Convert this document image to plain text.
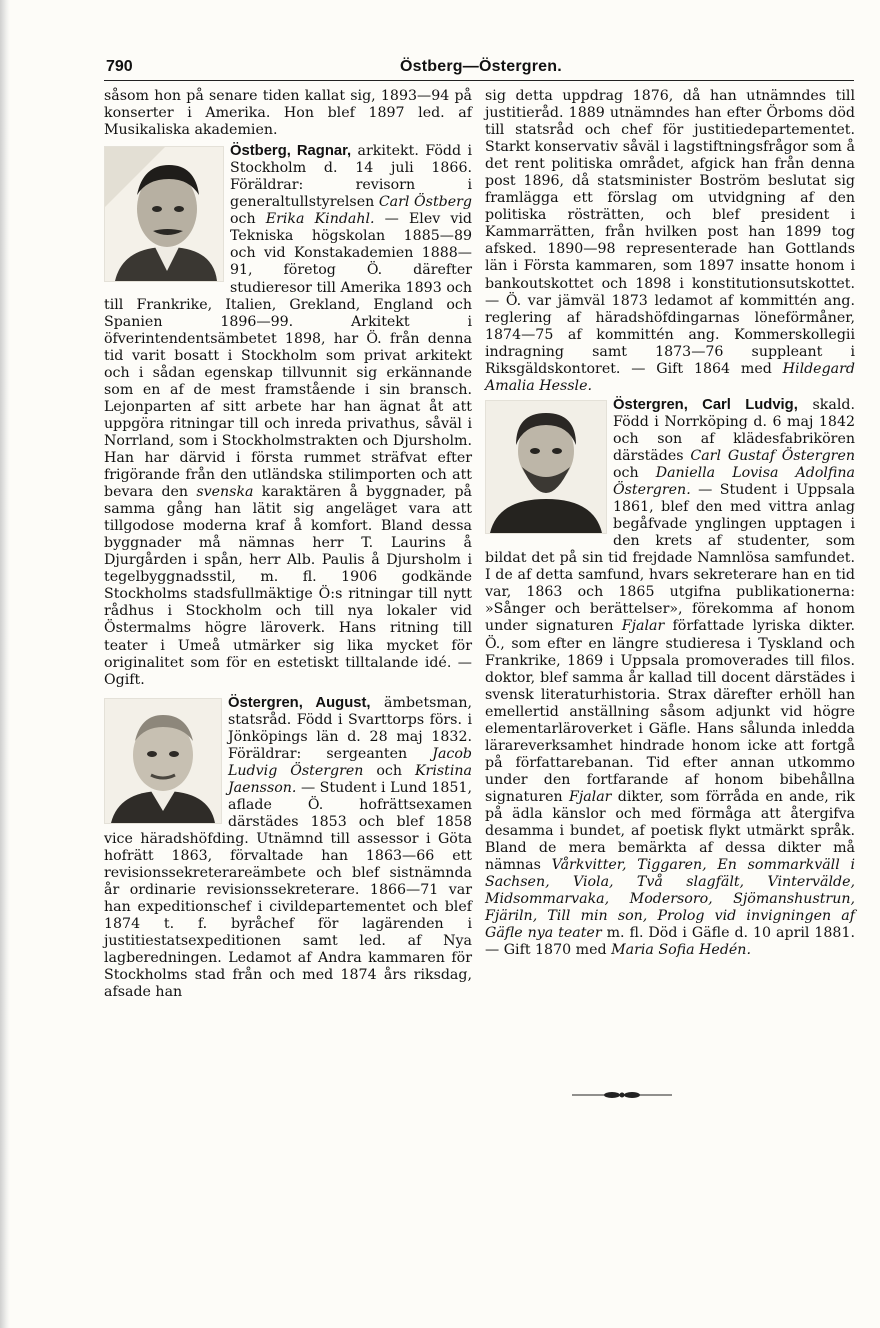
790	Östberg—Östergren.

såsom hon på senare tiden kallat sig, 1893—94 på konserter i Amerika. Hon blef 1897 led. af Musikaliska akademien.

Östberg, Ragnar, arkitekt. Född i Stockholm d. 14 juli 1866. Föräldrar: revisorn i generaltullstyrelsen Carl Östberg och Erika Kindahl. — Elev vid Tekniska högskolan 1885—89 och vid Konstakademien 1888—91, företog Ö. därefter studieresor till Amerika 1893 och till Frankrike, Italien, Grekland, England och Spanien 1896—99. Arkitekt i öfverintendentsämbetet 1898, har Ö. från denna tid varit bosatt i Stockholm som privat arkitekt och i sådan egenskap tillvunnit sig erkännande som en af de mest framstående i sin bransch. Lejonparten af sitt arbete har han ägnat åt att uppgöra ritningar till och inreda privathus, såväl i Norrland, som i Stockholmstrakten och Djursholm. Han har därvid i första rummet sträfvat efter frigörande från den utländska stilimporten och att bevara den svenska karaktären å byggnader, på samma gång han lätit sig angeläget vara att tillgodose moderna kraf å komfort. Bland dessa byggnader må nämnas herr T. Laurins å Djurgården i spån, herr Alb. Paulis å Djursholm i tegelbyggnadsstil, m. fl. 1906 godkände Stockholms stadsfullmäktige Ö:s ritningar till nytt rådhus i Stockholm och till nya lokaler vid Östermalms högre läroverk. Hans ritning till teater i Umeå utmärker sig lika mycket för originalitet som för en estetiskt tilltalande idé. — Ogift.

Östergren, August, ämbetsman, statsråd. Född i Svarttorps förs. i Jönköpings län d. 28 maj 1832. Föräldrar: sergeanten Jacob Ludvig Östergren och Kristina Jaensson. — Student i Lund 1851, aflade Ö. hofrättsexamen därstädes 1853 och blef 1858 vice häradshöfding. Utnämnd till assessor i Göta hofrätt 1863, förvaltade han 1863—66 ett revisionssekreterareämbete och blef sistnämnda år ordinarie revisionssekreterare. 1866—71 var han expeditionschef i civildepartementet och blef 1874 t. f. byråchef för lagärenden i justitiestatsexpeditionen samt led. af Nya lagberedningen. Ledamot af Andra kammaren för Stockholms stad från och med 1874 års riksdag, afsade han

sig detta uppdrag 1876, då han utnämndes till justitieråd. 1889 utnämndes han efter Örboms död till statsråd och chef för justitiedepartementet. Starkt konservativ såväl i lagstiftningsfrågor som å det rent politiska området, afgick han från denna post 1896, då statsminister Boström beslutat sig framlägga ett förslag om utvidgning af den politiska rösträtten, och blef president i Kammarrätten, från hvilken post han 1899 tog afsked. 1890—98 representerade han Gottlands län i Första kammaren, som 1897 insatte honom i bankoutskottet och 1898 i konstitutionsutskottet. — Ö. var jämväl 1873 ledamot af kommittén ang. reglering af häradshöfdingarnas löneförmåner, 1874—75 af kommittén ang. Kommerskollegii indragning samt 1873—76 suppleant i Riksgäldskontoret. — Gift 1864 med Hildegard Amalia Hessle.

Östergren, Carl Ludvig, skald. Född i Norrköping d. 6 maj 1842 och son af klädesfabrikören därstädes Carl Gustaf Östergren och Daniella Lovisa Adolfina Östergren. — Student i Uppsala 1861, blef den med vittra anlag begåfvade ynglingen upptagen i den krets af studenter, som bildat det på sin tid frejdade Namnlösa samfundet. I de af detta samfund, hvars sekreterare han en tid var, 1863 och 1865 utgifna publikationerna: »Sånger och berättelser», förekomma af honom under signaturen Fjalar författade lyriska dikter. Ö., som efter en längre studieresa i Tyskland och Frankrike, 1869 i Uppsala promoverades till filos. doktor, blef samma år kallad till docent därstädes i svensk literaturhistoria. Strax därefter erhöll han emellertid anställning såsom adjunkt vid högre elementarläroverket i Gäfle. Hans sålunda inledda lärareverksamhet hindrade honom icke att fortgå på författarebanan. Tid efter annan utkommo under den fortfarande af honom bibehållna signaturen Fjalar dikter, som förråda en ande, rik på ädla känslor och med förmåga att återgifva desamma i bundet, af poetisk flykt utmärkt språk. Bland de mera bemärkta af dessa dikter må nämnas Vårkvitter, Tiggaren, En sommarkväll i Sachsen, Viola, Två slagfält, Vintervälde, Midsommarvaka, Modersoro, Sjömanshustrun, Fjäriln, Till min son, Prolog vid invigningen af Gäfle nya teater m. fl. Död i Gäfle d. 10 april 1881. — Gift 1870 med Maria Sofia Hedén.
